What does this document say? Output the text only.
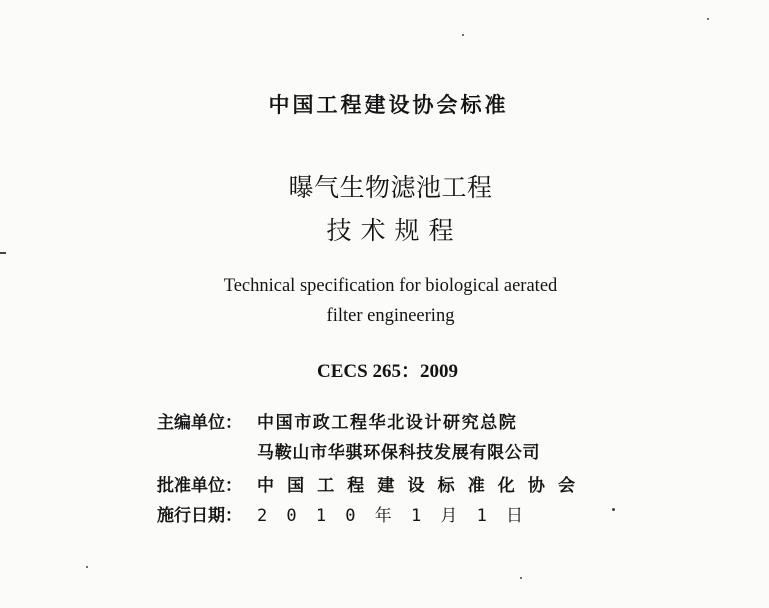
中国工程建设协会标准
曝气生物滤池工程
技术规程
Technical specification for biological aerated
filter engineering
CECS 265：2009
主编单位： 中国市政工程华北设计研究总院
马鞍山市华骐环保科技发展有限公司
批准单位： 中国工程建设标准化协会
施行日期： 2010年1月1日
